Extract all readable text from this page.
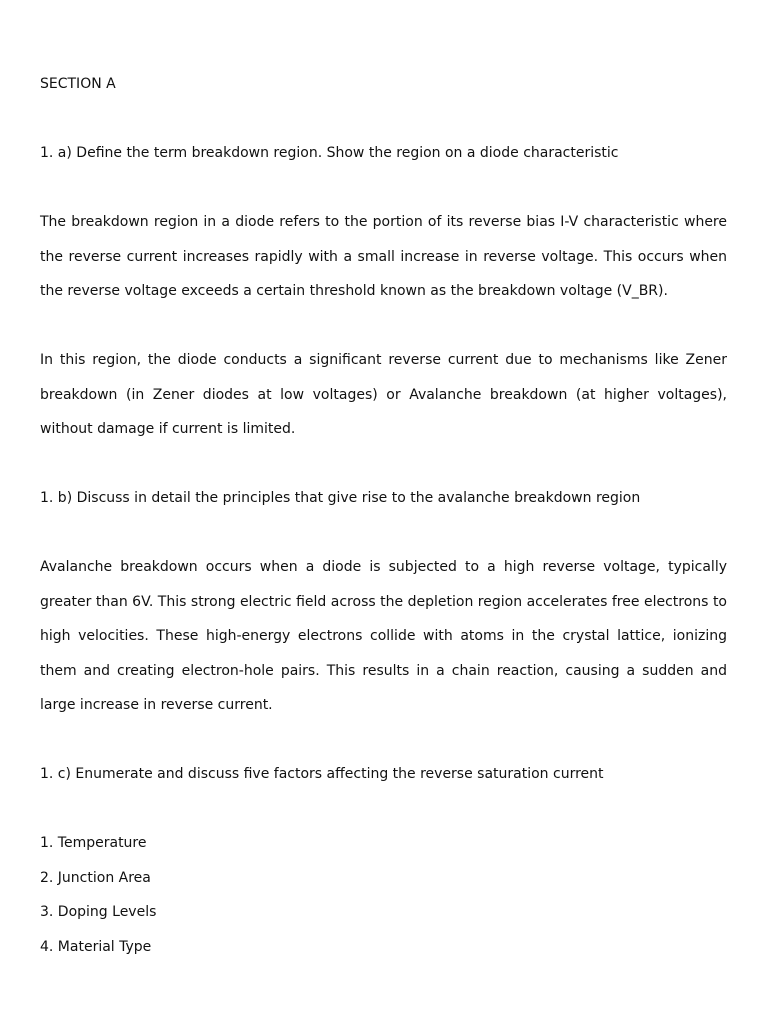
SECTION A

1. a) Define the term breakdown region. Show the region on a diode characteristic

The breakdown region in a diode refers to the portion of its reverse bias I-V characteristic where the reverse current increases rapidly with a small increase in reverse voltage. This occurs when the reverse voltage exceeds a certain threshold known as the breakdown voltage (V_BR).

In this region, the diode conducts a significant reverse current due to mechanisms like Zener breakdown (in Zener diodes at low voltages) or Avalanche breakdown (at higher voltages), without damage if current is limited.

1. b) Discuss in detail the principles that give rise to the avalanche breakdown region

Avalanche breakdown occurs when a diode is subjected to a high reverse voltage, typically greater than 6V. This strong electric field across the depletion region accelerates free electrons to high velocities. These high-energy electrons collide with atoms in the crystal lattice, ionizing them and creating electron-hole pairs. This results in a chain reaction, causing a sudden and large increase in reverse current.

1. c) Enumerate and discuss five factors affecting the reverse saturation current

1. Temperature

2. Junction Area

3. Doping Levels

4. Material Type
